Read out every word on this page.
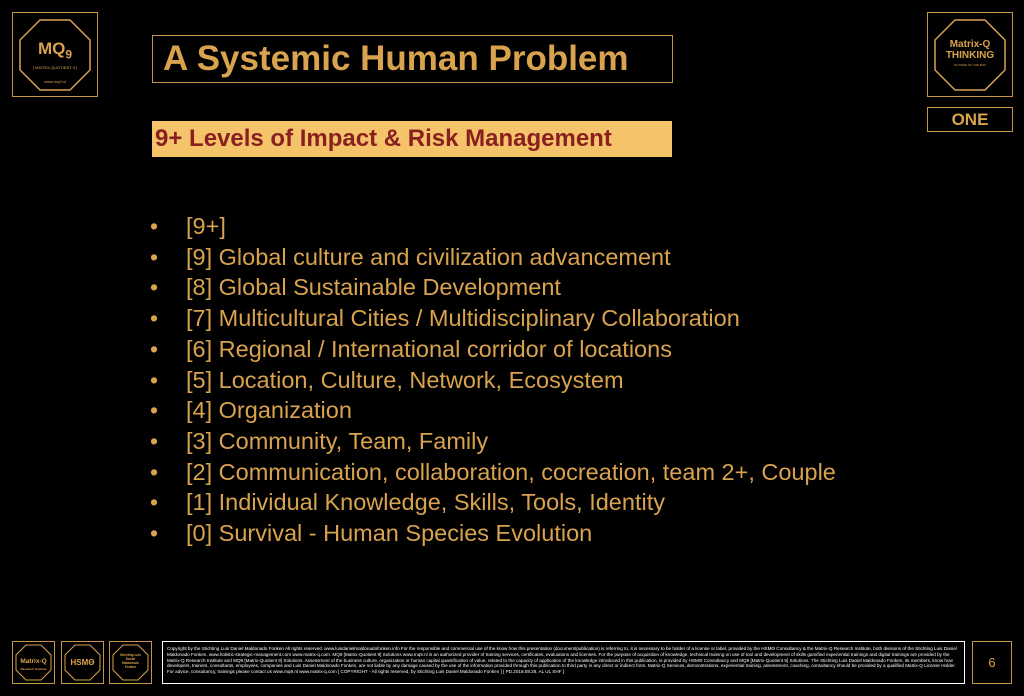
$MQ_9$
[ MATRIX-QUOTIENT 9 ]
www.mq9.nl
A Systemic Human Problem
9+ Levels of Impact & Risk Management
Matrix-Q
THINKING
OUTSIDE OF THE BOX
ONE
• [9+]
• [9] Global culture and civilization advancement
• [8] Global Sustainable Development
• [7] Multicultural Cities / Multidisciplinary Collaboration
• [6] Regional / International corridor of locations
• [5] Location, Culture, Network, Ecosystem
• [4] Organization
• [3] Community, Team, Family
• [2] Communication, collaboration, cocreation, team 2+, Couple
• [1] Individual Knowledge, Skills, Tools, Identity
• [0] Survival - Human Species Evolution
Matrix-Q
Research Institute
HSMΘ
Stichting Luis Daniel Maldonado Fonken
Copyright by the Stichting Luis Daniel Maldonado Fonken All rights reserved. www.luisdanielmaldonadofonken.info For the responsible and commercial use of the know how this presentation (document/publication) is referring to, it is necessary to be holder of a license or label, provided by the HSMΘ Consultancy & the Matrix-Q Research Institute, both divisions of the Stichting Luis Daniel Maldonado Fonken. www.holistic-strategic-management.com www.matrix-q.com. MQ9 [Matrix-Quotient 9] Solutions www.mq9.nl is an authorized provider of training services, certificates, evaluations and licenses. For the purpose of acquisition of knowledge, technical training on use of tool and development of skills gamified experiential trainings and digital trainings are provided by the Matrix-Q Research Institute and MQ9 [Matrix-Quotient 9] Solutions. Assessment of the business culture, organization or human capital quantification of value, related to the capacity of application of the knowledge introduced in this publication, is provided by HSMΘ Consultancy and MQ9 [Matrix-Quotient 9] Solutions. The Stichting Luis Daniel Maldonado Fonken, its members, know how developers, trainers, consultants, employees, companies and Luis Daniel Maldonado Fonken, are not liable by any damage caused by the use of the information provided through this publication to third party in any direct or indirect form. Matrix-Q Services, demonstrations, experiential training, assessment, coaching, consultancy should be provided by a qualified Matrix-Q License Holder. For advice, consultancy, trainings please contact us www.mq9.nl www.matrix-q.com [ COPYRIGHT - All rights reserved, by Stichting Luis Daniel Maldonado Fonken ] [ PD.2018.08.28. AL UL SHF ]
6
